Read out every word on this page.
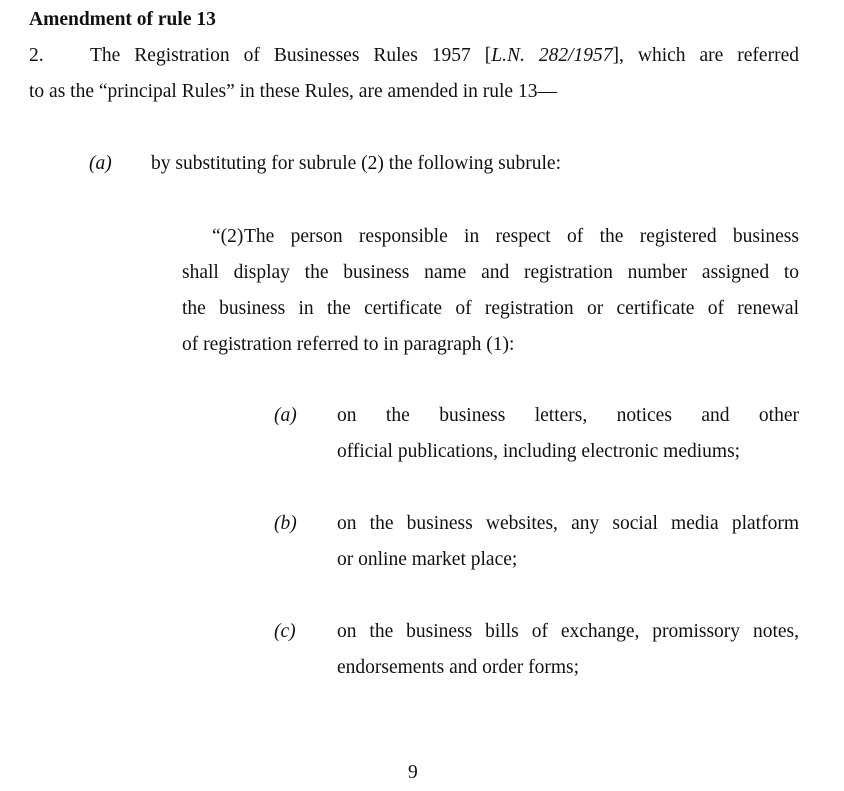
Amendment of rule 13
2.	The Registration of Businesses Rules 1957 [L.N. 282/1957], which are referred
to as the “principal Rules” in these Rules, are amended in rule 13—
(a) by substituting for subrule (2) the following subrule:
“(2)The person responsible in respect of the registered business
shall display the business name and registration number assigned to
the business in the certificate of registration or certificate of renewal
of registration referred to in paragraph (1):
(a) on the business letters, notices and other
official publications, including electronic mediums;
(b) on the business websites, any social media platform
or online market place;
(c) on the business bills of exchange, promissory notes,
endorsements and order forms;
9
